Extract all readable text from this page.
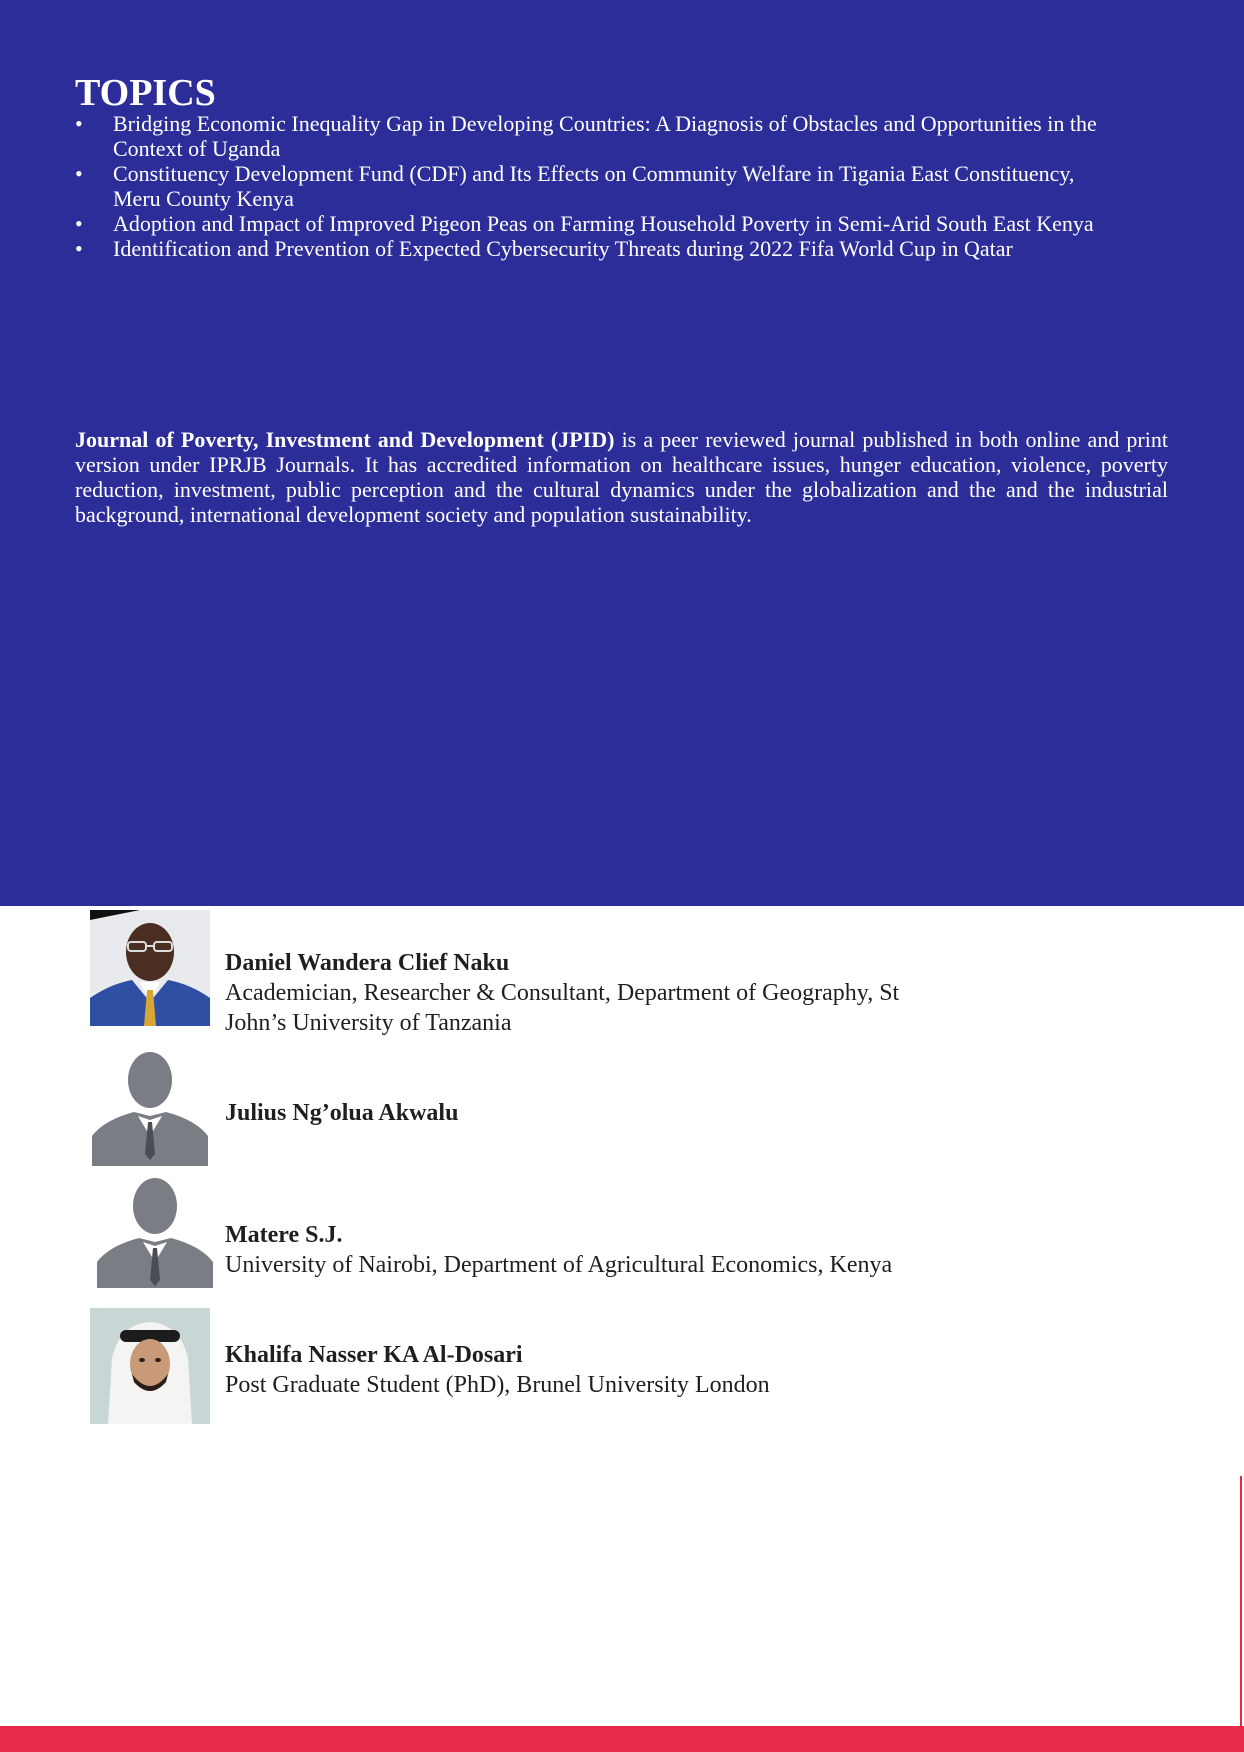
TOPICS
• Bridging Economic Inequality Gap in Developing Countries: A Diagnosis of Obstacles and Opportunities in the
Context of Uganda
• Constituency Development Fund (CDF) and Its Effects on Community Welfare in Tigania East Constituency,
Meru County Kenya
• Adoption and Impact of Improved Pigeon Peas on Farming Household Poverty in Semi-Arid South East Kenya
• Identification and Prevention of Expected Cybersecurity Threats during 2022 Fifa World Cup in Qatar

Journal of Poverty, Investment and Development (JPID) is a peer reviewed journal published in both online and print version under IPRJB Journals. It has accredited information on healthcare issues, hunger education, violence, poverty reduction, investment, public perception and the cultural dynamics under the globalization and the and the industrial background, international development society and population sustainability.

Daniel Wandera Clief Naku
Academician, Researcher & Consultant, Department of Geography, St John’s University of Tanzania
Julius Ng’olua Akwalu
Matere S.J.
University of Nairobi, Department of Agricultural Economics, Kenya
Khalifa Nasser KA Al-Dosari
Post Graduate Student (PhD), Brunel University London
